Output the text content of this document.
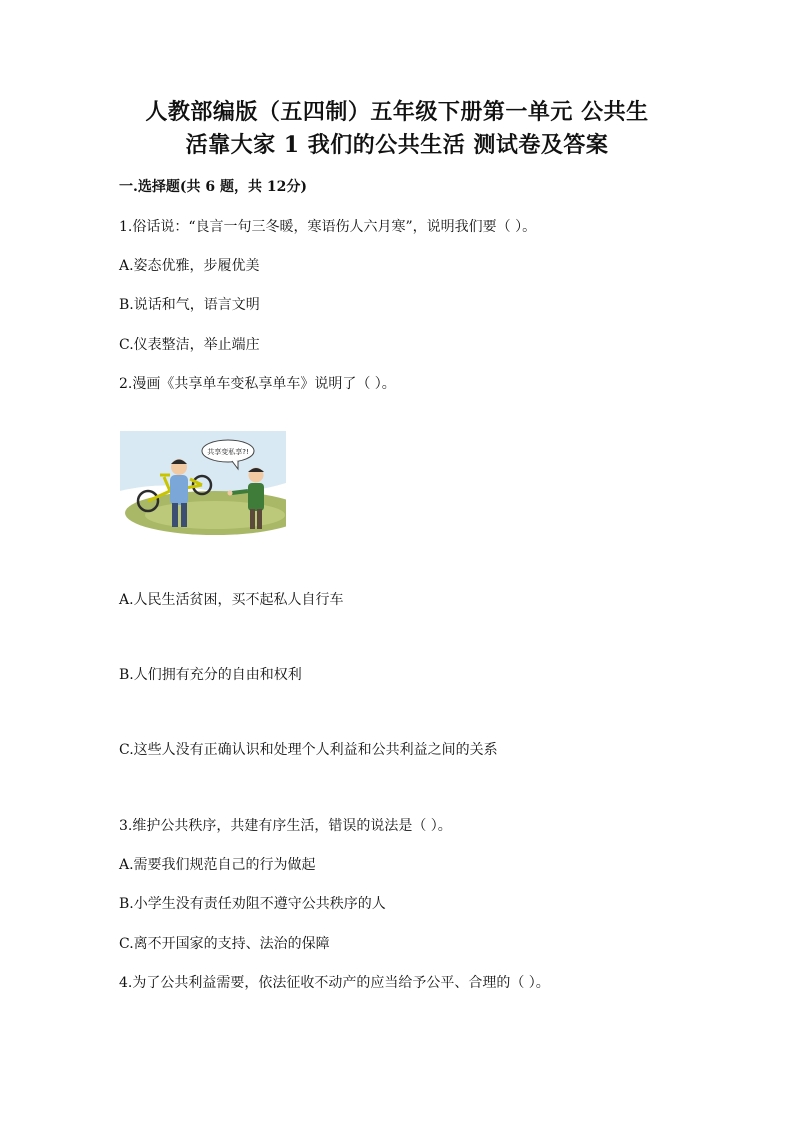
人教部编版（五四制）五年级下册第一单元 公共生
活靠大家 1 我们的公共生活 测试卷及答案
一.选择题(共 6 题，共 12分)
1.俗话说：“良言一句三冬暖，寒语伤人六月寒”，说明我们要（ ）。
A.姿态优雅，步履优美
B.说话和气，语言文明
C.仪表整洁，举止端庄
2.漫画《共享单车变私享单车》说明了（ ）。
共享变私享?!
A.人民生活贫困，买不起私人自行车
B.人们拥有充分的自由和权利
C.这些人没有正确认识和处理个人利益和公共利益之间的关系
3.维护公共秩序，共建有序生活，错误的说法是（ ）。
A.需要我们规范自己的行为做起
B.小学生没有责任劝阻不遵守公共秩序的人
C.离不开国家的支持、法治的保障
4.为了公共利益需要，依法征收不动产的应当给予公平、合理的（ ）。
